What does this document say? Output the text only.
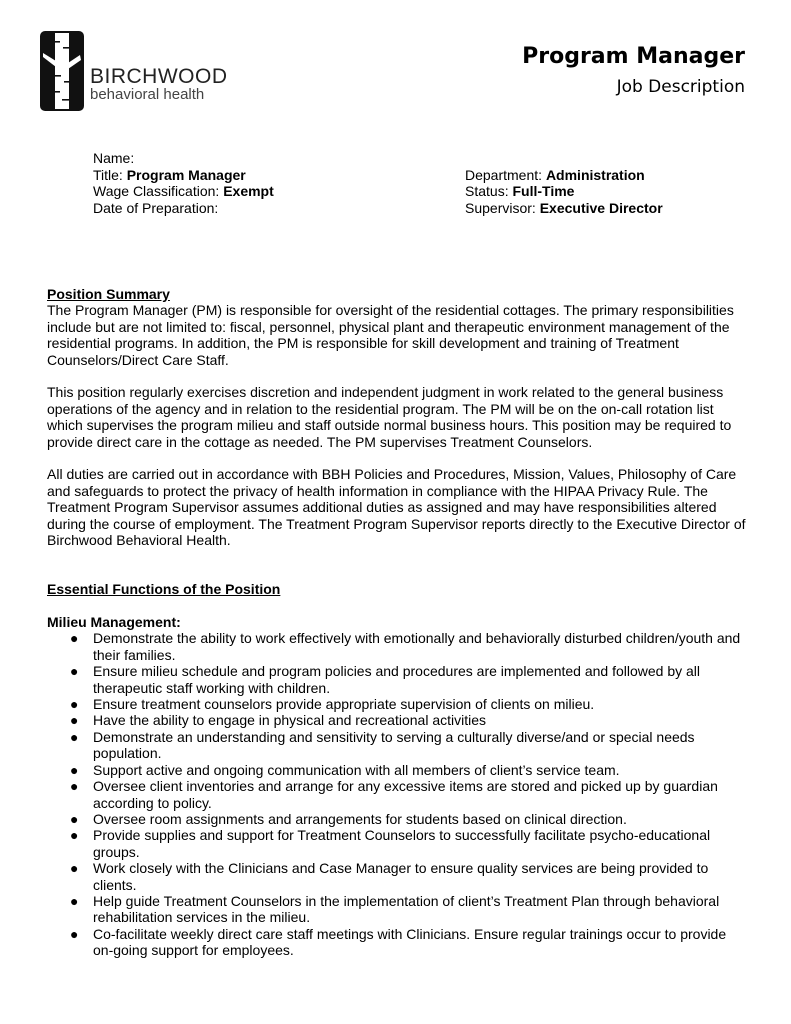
BIRCHWOOD
behavioral health
Program Manager
Job Description
Name:
Title: Program Manager
Wage Classification: Exempt
Date of Preparation:
Department: Administration
Status: Full-Time
Supervisor: Executive Director
Position Summary

The Program Manager (PM) is responsible for oversight of the residential cottages. The primary responsibilities include but are not limited to: fiscal, personnel, physical plant and therapeutic environment management of the residential programs. In addition, the PM is responsible for skill development and training of Treatment Counselors/Direct Care Staff.

This position regularly exercises discretion and independent judgment in work related to the general business operations of the agency and in relation to the residential program. The PM will be on the on-call rotation list which supervises the program milieu and staff outside normal business hours. This position may be required to provide direct care in the cottage as needed. The PM supervises Treatment Counselors.

All duties are carried out in accordance with BBH Policies and Procedures, Mission, Values, Philosophy of Care and safeguards to protect the privacy of health information in compliance with the HIPAA Privacy Rule. The Treatment Program Supervisor assumes additional duties as assigned and may have responsibilities altered during the course of employment. The Treatment Program Supervisor reports directly to the Executive Director of Birchwood Behavioral Health.

Essential Functions of the Position
Milieu Management:
● Demonstrate the ability to work effectively with emotionally and behaviorally disturbed children/youth and their families.
● Ensure milieu schedule and program policies and procedures are implemented and followed by all therapeutic staff working with children.
● Ensure treatment counselors provide appropriate supervision of clients on milieu.
● Have the ability to engage in physical and recreational activities
● Demonstrate an understanding and sensitivity to serving a culturally diverse/and or special needs population.
● Support active and ongoing communication with all members of client’s service team.
● Oversee client inventories and arrange for any excessive items are stored and picked up by guardian according to policy.
● Oversee room assignments and arrangements for students based on clinical direction.
● Provide supplies and support for Treatment Counselors to successfully facilitate psycho-educational groups.
● Work closely with the Clinicians and Case Manager to ensure quality services are being provided to clients.
● Help guide Treatment Counselors in the implementation of client’s Treatment Plan through behavioral rehabilitation services in the milieu.
● Co-facilitate weekly direct care staff meetings with Clinicians. Ensure regular trainings occur to provide on-going support for employees.
